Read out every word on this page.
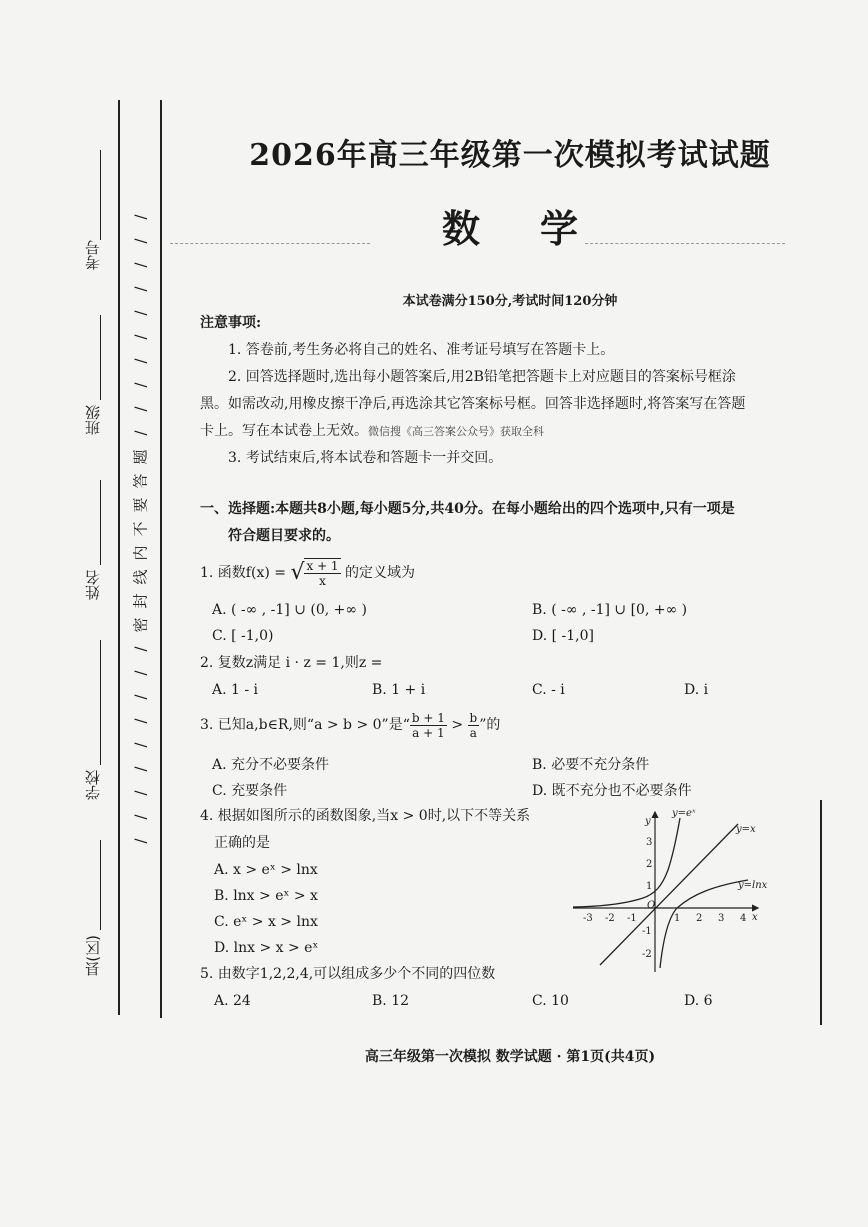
考号
班级
姓名
学校
县(区)
/
/
/
/
/
/
/
/
/
/
题
答
要
不
内
线
封
密
/
/
/
/
/
/
/
/
/
2026年高三年级第一次模拟考试试题
数学
本试卷满分150分,考试时间120分钟
注意事项:
1. 答卷前,考生务必将自己的姓名、准考证号填写在答题卡上。
2. 回答选择题时,选出每小题答案后,用2B铅笔把答题卡上对应题目的答案标号框涂
黑。如需改动,用橡皮擦干净后,再选涂其它答案标号框。回答非选择题时,将答案写在答题
卡上。写在本试卷上无效。微信搜《高三答案公众号》获取全科
3. 考试结束后,将本试卷和答题卡一并交回。
一、选择题:本题共8小题,每小题5分,共40分。在每小题给出的四个选项中,只有一项是
符合题目要求的。
1. 函数f(x) = √ $\frac{x + 1}{x}$ 的定义域为
A. ( -∞ , -1] ∪ (0, +∞ )	B. ( -∞ , -1] ∪ [0, +∞ )
C. [ -1,0)	D. [ -1,0]
2. 复数z满足 i · z = 1,则z =
A. 1 - i	B. 1 + i	C. - i	D. i
3. 已知a,b∈R,则“a > b > 0”是“ $\frac{b + 1}{a + 1} > \frac{b}{a}$ ”的
A. 充分不必要条件	B. 必要不充分条件
C. 充要条件	D. 既不充分也不必要条件
4. 根据如图所示的函数图象,当x > 0时,以下不等关系
正确的是
A. x > eˣ > lnx
B. lnx > eˣ > x
C. eˣ > x > lnx
D. lnx > x > eˣ
y
x
O
-3 -2 -1	1 2 3 4
3
2
1
-1
-2
y=eˣ
y=x
y=lnx
5. 由数字1,2,2,4,可以组成多少个不同的四位数
A. 24	B. 12	C. 10	D. 6
高三年级第一次模拟 数学试题 · 第1页(共4页)
